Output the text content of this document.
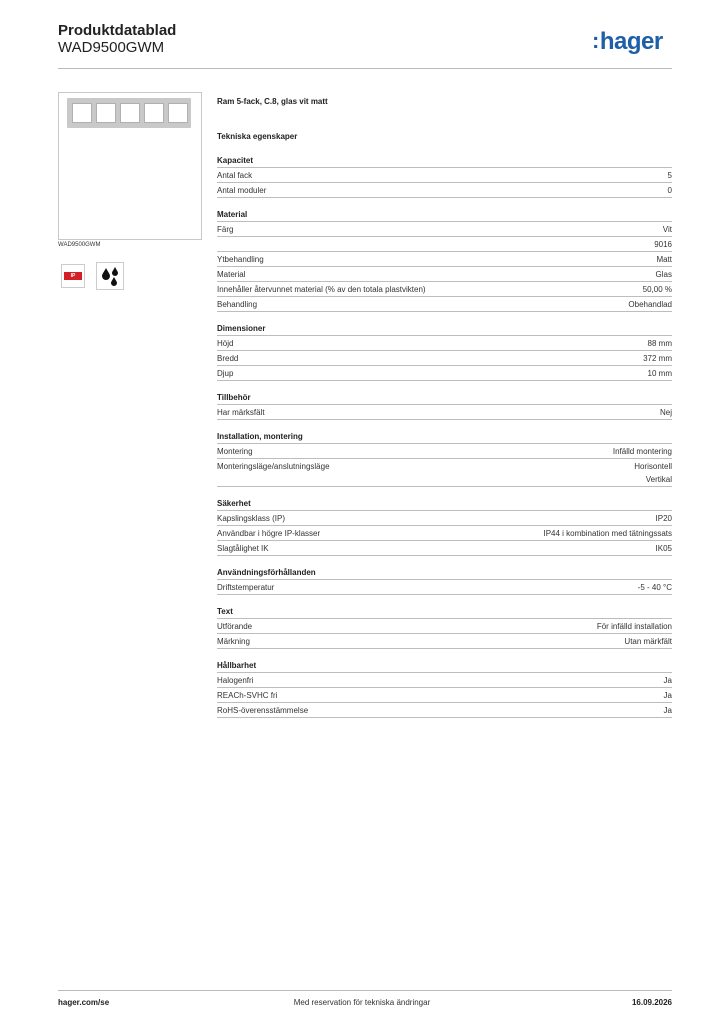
Produktdatablad
WAD9500GWM	:hager
WAD9500GWM
IP
Ram 5-fack, C.8, glas vit matt
Tekniska egenskaper
Kapacitet
Antal fack	5
Antal moduler	0
Material
Färg	Vit
9016
Ytbehandling	Matt
Material	Glas
Innehåller återvunnet material (% av den totala plastvikten)	50,00 %
Behandling	Obehandlad
Dimensioner
Höjd	88 mm
Bredd	372 mm
Djup	10 mm
Tillbehör
Har märksfält	Nej
Installation, montering
Montering	Infälld montering
Monteringsläge/anslutningsläge	Horisontell
Vertikal
Säkerhet
Kapslingsklass (IP)	IP20
Användbar i högre IP-klasser	IP44 i kombination med tätningssats
Slagtålighet IK	IK05
Användningsförhållanden
Driftstemperatur	-5 - 40 °C
Text
Utförande	För infälld installation
Märkning	Utan märkfält
Hållbarhet
Halogenfri	Ja
REACh-SVHC fri	Ja
RoHS-överensstämmelse	Ja
hager.com/se	Med reservation för tekniska ändringar	16.09.2026
